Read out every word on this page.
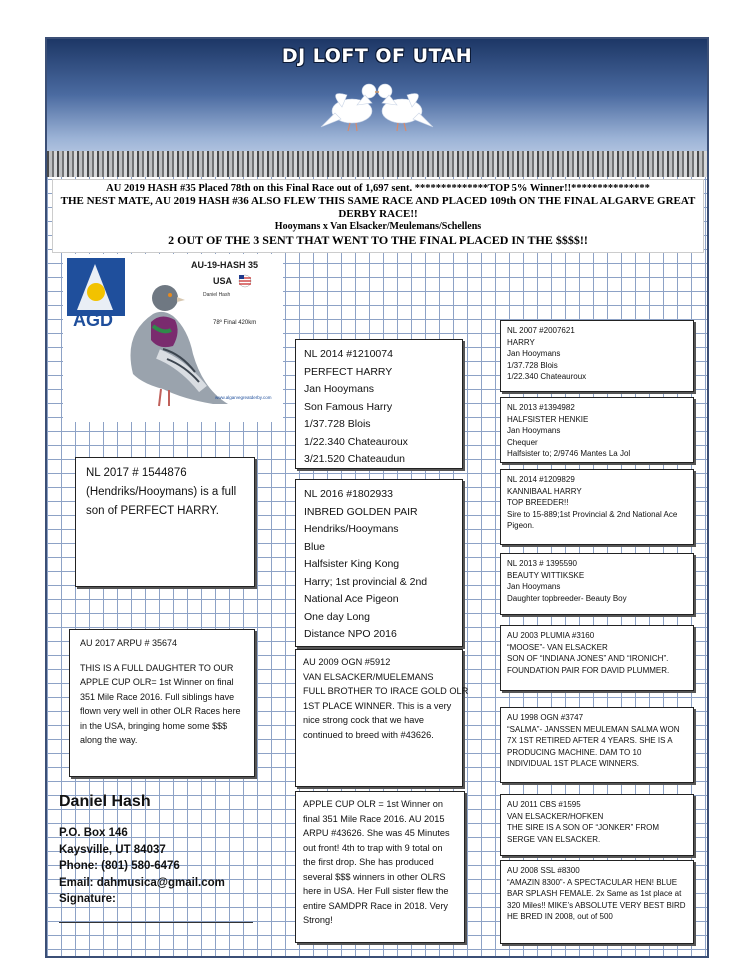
DJ LOFT OF UTAH
AU 2019 HASH #35 Placed 78th on this Final Race out of 1,697 sent. **************TOP 5% Winner!!***************
THE NEST MATE, AU 2019 HASH #36 ALSO FLEW THIS SAME RACE AND PLACED 109th ON THE FINAL ALGARVE GREAT DERBY RACE!!
Hooymans x Van Elsacker/Meulemans/Schellens
2 OUT OF THE 3 SENT THAT WENT TO THE FINAL PLACED IN THE $$$$!!
AGD
AU-19-HASH 35
USA
Daniel Hash
78º Final 420km
www.algarvegreatderby.com
NL 2014 #1210074
PERFECT HARRY
Jan Hooymans
Son Famous Harry
1/37.728 Blois
1/22.340 Chateauroux
3/21.520 Chateaudun
NL 2016 #1802933
INBRED GOLDEN PAIR
Hendriks/Hooymans
Blue
Halfsister King Kong
Harry; 1st provincial & 2nd
National Ace Pigeon
One day Long
Distance NPO 2016
AU 2009 OGN #5912
VAN ELSACKER/MUELEMANS
FULL BROTHER TO IRACE GOLD OLR
1ST PLACE WINNER. This is a very nice strong cock that we have continued to breed with #43626.
APPLE CUP OLR = 1st Winner on final 351 Mile Race 2016. AU 2015 ARPU #43626. She was 45 Minutes out front! 4th to trap with 9 total on the first drop. She has produced several $$$ winners in other OLRS here in USA. Her Full sister flew the entire SAMDPR Race in 2018. Very Strong!
NL 2017 # 1544876 (Hendriks/Hooymans) is a full son of PERFECT HARRY.
AU 2017 ARPU # 35674
THIS IS A FULL DAUGHTER TO OUR APPLE CUP OLR= 1st Winner on final 351 Mile Race 2016. Full siblings have flown very well in other OLR Races here in the USA, bringing home some $$$ along the way.
NL 2007 #2007621
HARRY
Jan Hooymans
1/37.728 Blois
1/22.340 Chateauroux
NL 2013 #1394982
HALFSISTER HENKIE
Jan Hooymans
Chequer
Halfsister to; 2/9746 Mantes La Jol
NL 2014 #1209829
KANNIBAAL HARRY
TOP BREEDER!!
Sire to 15-889;1st Provincial & 2nd National Ace Pigeon.
NL 2013 # 1395590
BEAUTY WITTIKSKE
Jan Hooymans
Daughter topbreeder- Beauty Boy
AU 2003 PLUMIA #3160
“MOOSE”- VAN ELSACKER
SON OF “INDIANA JONES” AND “IRONICH”.
FOUNDATION PAIR FOR DAVID PLUMMER.
AU 1998 OGN #3747
“SALMA”- JANSSEN MEULEMAN SALMA WON 7X 1ST RETIRED AFTER 4 YEARS. SHE IS A PRODUCING MACHINE. DAM TO 10 INDIVIDUAL 1ST PLACE WINNERS.
AU 2011 CBS #1595
VAN ELSACKER/HOFKEN
THE SIRE IS A SON OF “JONKER” FROM SERGE VAN ELSACKER.
AU 2008 SSL #8300
“AMAZIN 8300”- A SPECTACULAR HEN! BLUE BAR SPLASH FEMALE. 2x Same as 1st place at 320 Miles!! MIKE’s ABSOLUTE VERY BEST BIRD HE BRED IN 2008, out of 500
Daniel Hash
P.O. Box 146
Kaysville, UT 84037
Phone: (801) 580-6476
Email: dahmusica@gmail.com
Signature:
